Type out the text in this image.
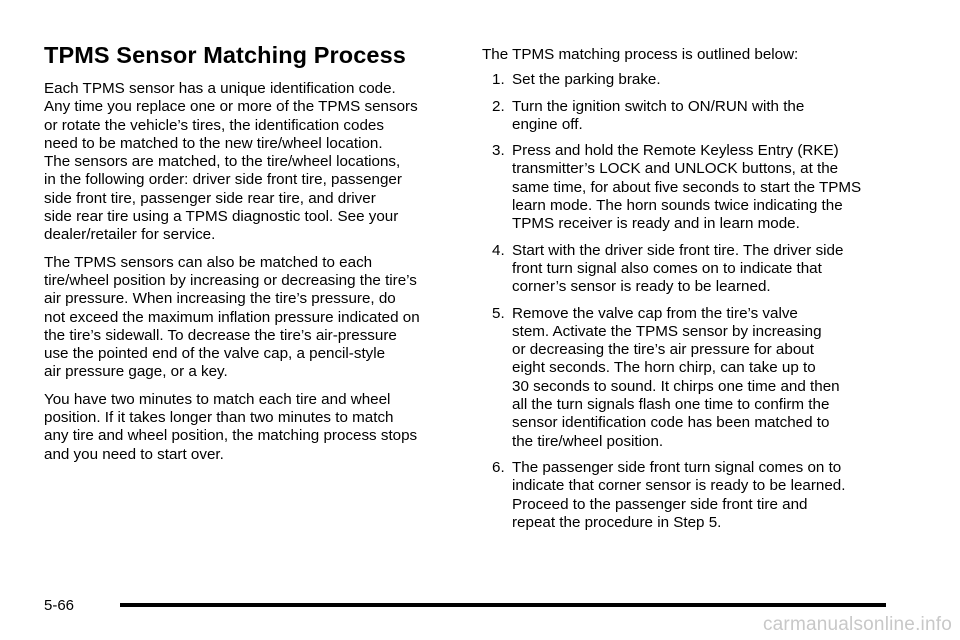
TPMS Sensor Matching Process

Each TPMS sensor has a unique identification code.
Any time you replace one or more of the TPMS sensors
or rotate the vehicle’s tires, the identification codes
need to be matched to the new tire/wheel location.
The sensors are matched, to the tire/wheel locations,
in the following order: driver side front tire, passenger
side front tire, passenger side rear tire, and driver
side rear tire using a TPMS diagnostic tool. See your
dealer/retailer for service.

The TPMS sensors can also be matched to each
tire/wheel position by increasing or decreasing the tire’s
air pressure. When increasing the tire’s pressure, do
not exceed the maximum inflation pressure indicated on
the tire’s sidewall. To decrease the tire’s air-pressure
use the pointed end of the valve cap, a pencil-style
air pressure gage, or a key.

You have two minutes to match each tire and wheel
position. If it takes longer than two minutes to match
any tire and wheel position, the matching process stops
and you need to start over.

The TPMS matching process is outlined below:

1. Set the parking brake.
2. Turn the ignition switch to ON/RUN with the
engine off.
3. Press and hold the Remote Keyless Entry (RKE)
transmitter’s LOCK and UNLOCK buttons, at the
same time, for about five seconds to start the TPMS
learn mode. The horn sounds twice indicating the
TPMS receiver is ready and in learn mode.
4. Start with the driver side front tire. The driver side
front turn signal also comes on to indicate that
corner’s sensor is ready to be learned.
5. Remove the valve cap from the tire’s valve
stem. Activate the TPMS sensor by increasing
or decreasing the tire’s air pressure for about
eight seconds. The horn chirp, can take up to
30 seconds to sound. It chirps one time and then
all the turn signals flash one time to confirm the
sensor identification code has been matched to
the tire/wheel position.
6. The passenger side front turn signal comes on to
indicate that corner sensor is ready to be learned.
Proceed to the passenger side front tire and
repeat the procedure in Step 5.
5-66
carmanualsonline.info
